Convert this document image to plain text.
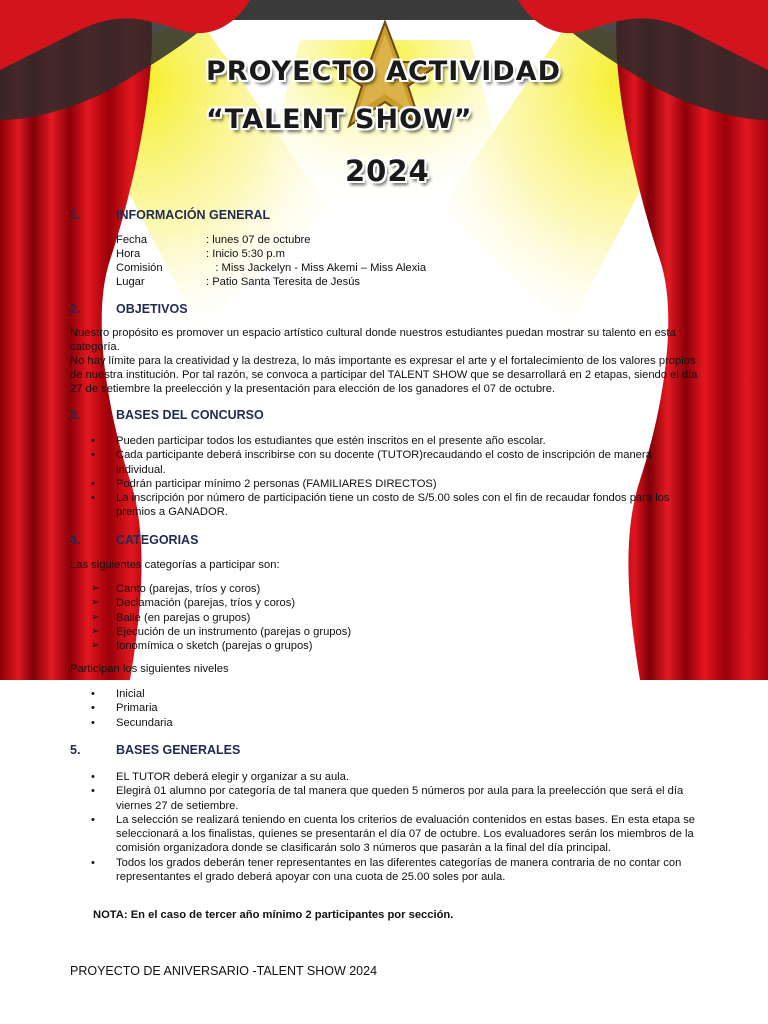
PROYECTO ACTIVIDAD
“TALENT SHOW”
2024
1.	INFORMACIÓN GENERAL
Fecha	: lunes 07 de octubre
Hora	: Inicio 5:30 p.m
Comisión	: Miss Jackelyn - Miss Akemi – Miss Alexia
Lugar	: Patio Santa Teresita de Jesús
2.	OBJETIVOS
Nuestro propósito es promover un espacio artístico cultural donde nuestros estudiantes puedan mostrar su talento en esta categoría.
No hay límite para la creatividad y la destreza, lo más importante es expresar el arte y el fortalecimiento de los valores propios de nuestra institución. Por tal razón, se convoca a participar del TALENT SHOW que se desarrollará en 2 etapas, siendo el día 27 de setiembre la preelección y la presentación para elección de los ganadores el 07 de octubre.
3.	BASES DEL CONCURSO
• Pueden participar todos los estudiantes que estén inscritos en el presente año escolar.
• Cada participante deberá inscribirse con su docente (TUTOR)recaudando el costo de inscripción de manera individual.
• Podrán participar mínimo 2 personas (FAMILIARES DIRECTOS)
• La inscripción por número de participación tiene un costo de S/5.00 soles con el fin de recaudar fondos para los premios a GANADOR.
4.	CATEGORIAS
Las siguientes categorías a participar son:
➢ Canto (parejas, tríos y coros)
➢ Declamación (parejas, tríos y coros)
➢ Baile (en parejas o grupos)
➢ Ejecución de un instrumento (parejas o grupos)
➢ fonomímica o sketch (parejas o grupos)
Participan los siguientes niveles
• Inicial
• Primaria
• Secundaria
5.	BASES GENERALES
• EL TUTOR deberá elegir y organizar a su aula.
• Elegirá 01 alumno por categoría de tal manera que queden 5 números por aula para la preelección que será el día viernes 27 de setiembre.
• La selección se realizará teniendo en cuenta los criterios de evaluación contenidos en estas bases. En esta etapa se seleccionará a los finalistas, quienes se presentarán el día 07 de octubre. Los evaluadores serán los miembros de la comisión organizadora donde se clasificarán solo 3 números que pasarán a la final del día principal.
• Todos los grados deberán tener representantes en las diferentes categorías de manera contraria de no contar con representantes el grado deberá apoyar con una cuota de 25.00 soles por aula.
NOTA: En el caso de tercer año mínimo 2 participantes por sección.
PROYECTO DE ANIVERSARIO -TALENT SHOW 2024
